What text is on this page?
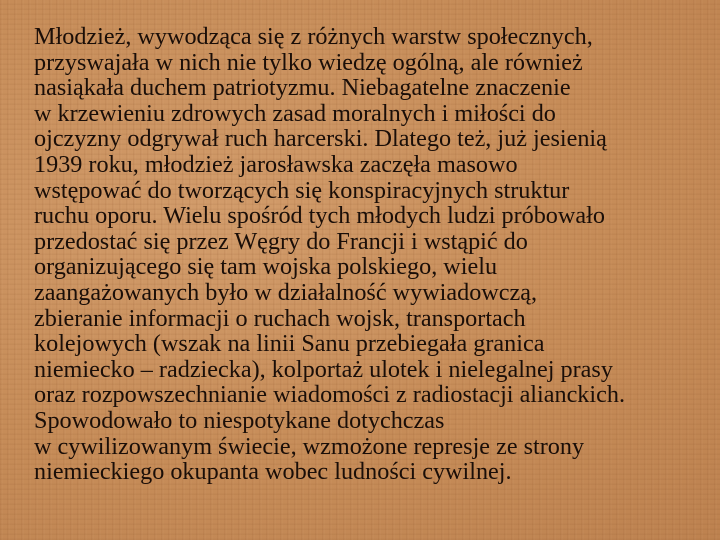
Młodzież, wywodząca się z różnych warstw społecznych,
przyswajała w nich nie tylko wiedzę ogólną, ale również
nasiąkała duchem patriotyzmu. Niebagatelne znaczenie
w krzewieniu zdrowych zasad moralnych i miłości do
ojczyzny odgrywał ruch harcerski. Dlatego też, już jesienią
1939 roku, młodzież jarosławska zaczęła masowo
wstępować do tworzących się konspiracyjnych struktur
ruchu oporu. Wielu spośród tych młodych ludzi próbowało
przedostać się przez Węgry do Francji i wstąpić do
organizującego się tam wojska polskiego, wielu
zaangażowanych było w działalność wywiadowczą,
zbieranie informacji o ruchach wojsk, transportach
kolejowych (wszak na linii Sanu przebiegała granica
niemiecko – radziecka), kolportaż ulotek i nielegalnej prasy
oraz rozpowszechnianie wiadomości z radiostacji alianckich.
Spowodowało to niespotykane dotychczas
w cywilizowanym świecie, wzmożone represje ze strony
niemieckiego okupanta wobec ludności cywilnej.
